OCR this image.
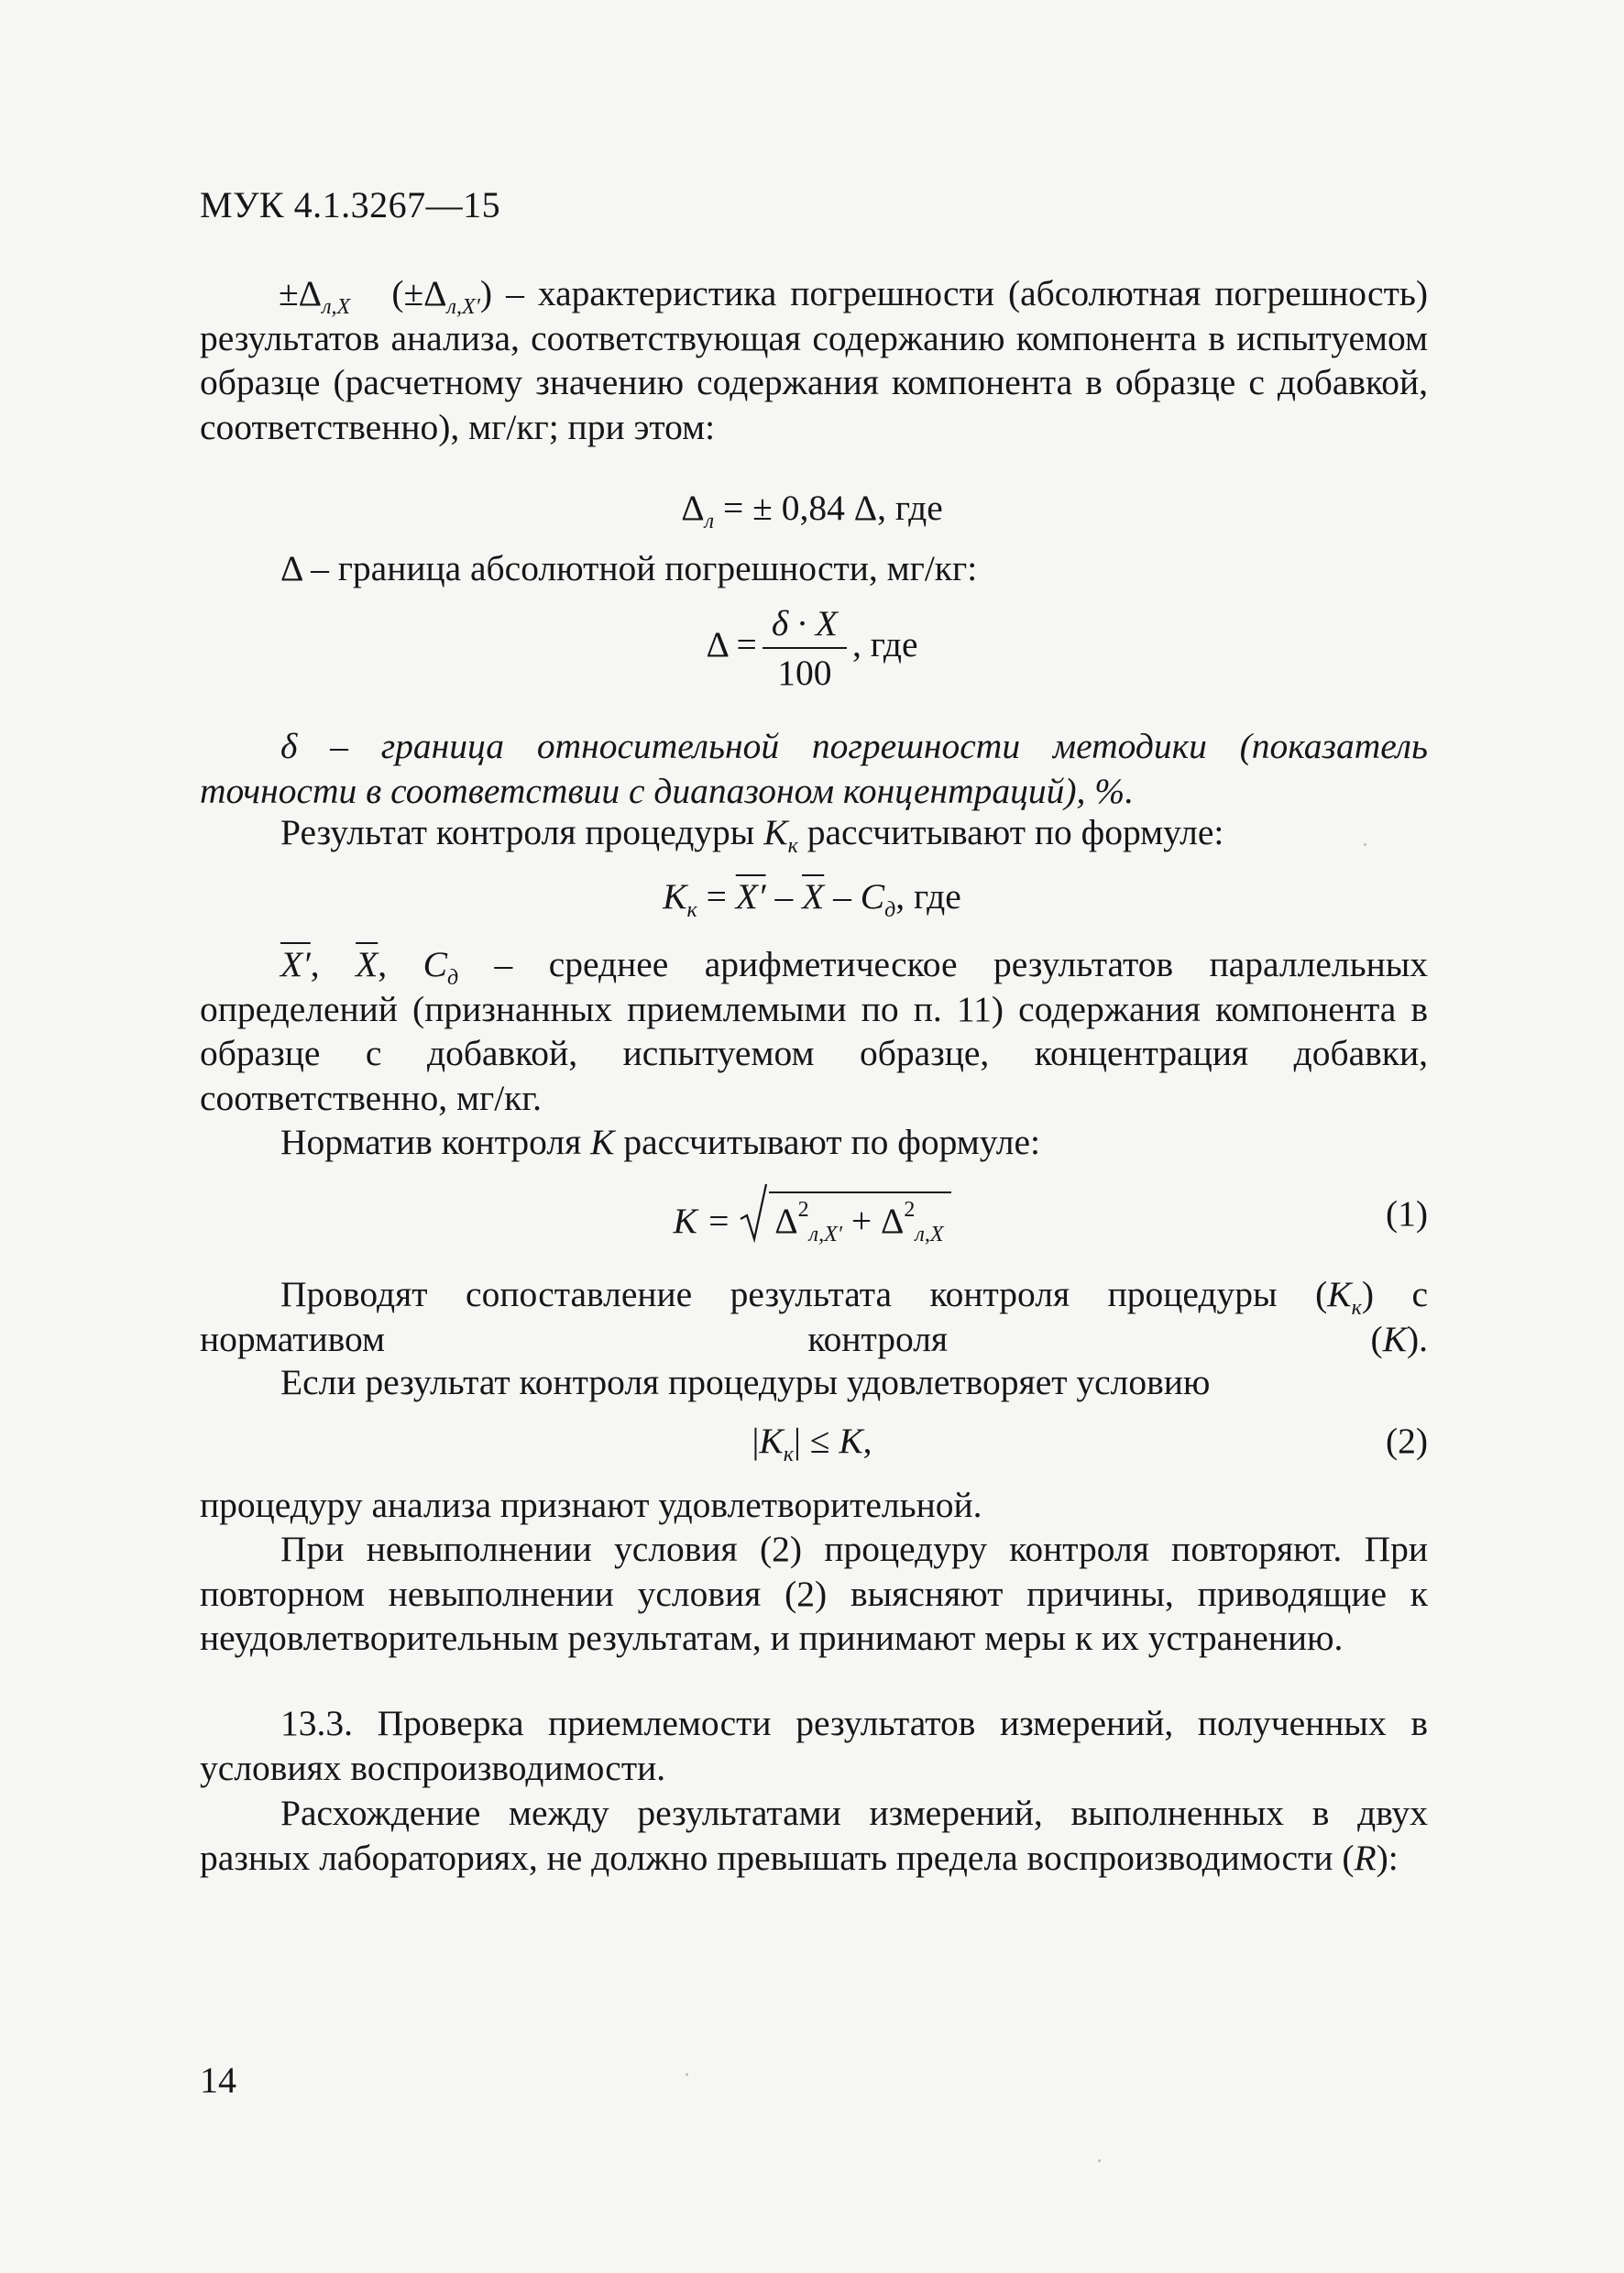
МУК 4.1.3267—15
$\pm\Delta_{л,X}$ $(\pm\Delta_{л,X'})$ – характеристика погрешности (абсолютная погрешность) результатов анализа, соответствующая содержанию компонента в испытуемом образце (расчетному значению содержания компонента в образце с добавкой, соответственно), мг/кг; при этом:
$\Delta_л$ = ± 0,84 Δ, где
Δ – граница абсолютной погрешности, мг/кг:
$\Delta = \frac{\delta \cdot X}{100}$ , где
δ – граница относительной погрешности методики (показатель точности в соответствии с диапазоном концентраций), %.
Результат контроля процедуры $K_к$ рассчитывают по формуле:
$K_к = X' - \overline{X} - C_д$, где
X′, $\overline{X}$, $C_д$ – среднее арифметическое результатов параллельных определений (признанных приемлемыми по п. 11) содержания компонента в образце с добавкой, испытуемом образце, концентрация добавки, соответственно, мг/кг.
Норматив контроля K рассчитывают по формуле:
$K = \Delta^2_{л,X'} + \Delta^2_{л,X}$
(1)
Проводят сопоставление результата контроля процедуры $(K_к)$ с нормативом контроля (K).
Если результат контроля процедуры удовлетворяет условию
$|K_к| \le K$,	(2)
процедуру анализа признают удовлетворительной.
При невыполнении условия (2) процедуру контроля повторяют. При повторном невыполнении условия (2) выясняют причины, приводящие к неудовлетворительным результатам, и принимают меры к их устранению.
13.3. Проверка приемлемости результатов измерений, полученных в условиях воспроизводимости.
Расхождение между результатами измерений, выполненных в двух разных лабораториях, не должно превышать предела воспроизводимости (R):
14
